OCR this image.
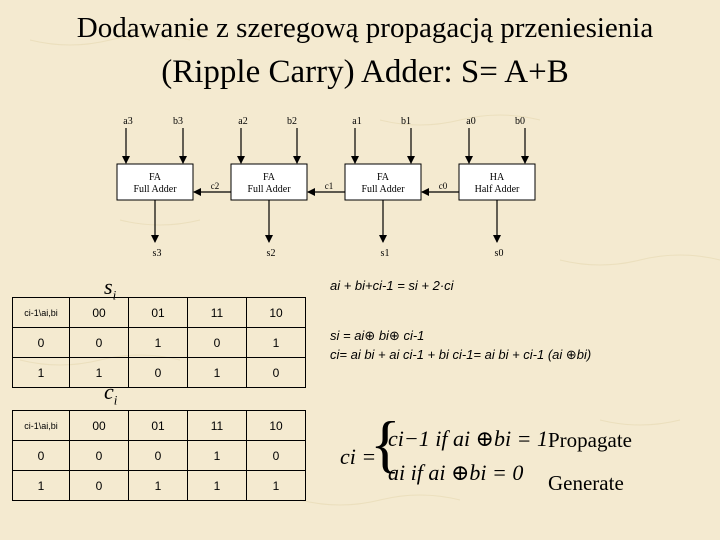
Dodawanie z szeregową propagacją przeniesienia
(Ripple Carry) Adder: S= A+B
a3	b3	a2	b2	a1	b1	a0	b0
FA
Full Adder
FA
Full Adder
FA
Full Adder
HA
Half Adder
c2	c1	c0
s3	s2	s1	s0
$s_i$
ci-1\ai,bi	00	01	11	10
0	0	1	0	1
1	1	0	1	0
$c_i$
ci-1\ai,bi	00	01	11	10
0	0	0	1	0
1	0	1	1	1
ai + bi+ci-1 = si + 2·ci
si = ai⊕ bi⊕ ci-1
ci= ai bi + ai ci-1 + bi ci-1= ai bi + ci-1 (ai ⊕bi)
ci =
{
ci−1 if ai ⊕bi = 1
ai if ai ⊕bi = 0
Propagate
Generate
